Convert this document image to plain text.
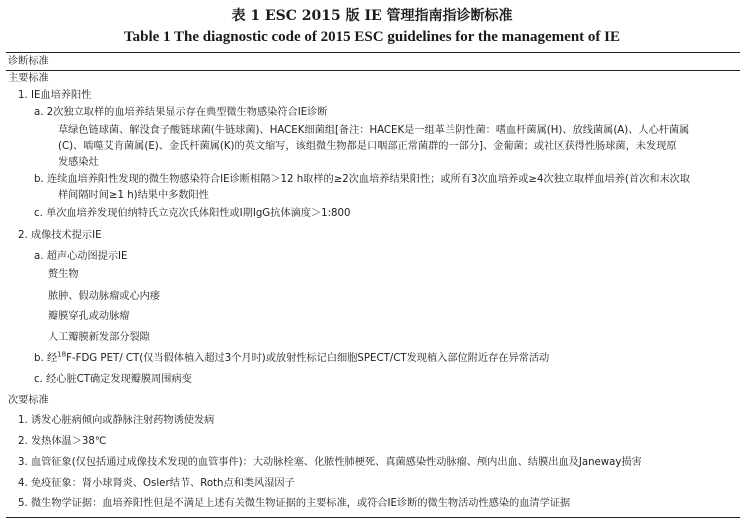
表 1 ESC 2015 版 IE 管理指南指诊断标准
Table 1 The diagnostic code of 2015 ESC guidelines for the management of IE
诊断标准
主要标准
1. IE血培养阳性
a. 2次独立取样的血培养结果显示存在典型微生物感染符合IE诊断
草绿色链球菌、解没食子酸链球菌(牛链球菌)、HACEK细菌组[备注：HACEK是一组革兰阴性菌：嗜血杆菌属(H)、放线菌属(A)、人心杆菌属
(C)、啮噬艾肯菌属(E)、金氏杆菌属(K)的英文缩写，该组微生物都是口咽部正常菌群的一部分]、金葡菌；或社区获得性肠球菌，未发现原
发感染灶
b. 连续血培养阳性发现的微生物感染符合IE诊断相隔＞12 h取样的≥2次血培养结果阳性；或所有3次血培养或≥4次独立取样血培养(首次和末次取
样间隔时间≥1 h)结果中多数阳性
c. 单次血培养发现伯纳特氏立克次氏体阳性或Ⅰ期IgG抗体滴度＞1:800
2. 成像技术提示IE
a. 超声心动图提示IE
赘生物
脓肿、假动脉瘤或心内瘘
瓣膜穿孔或动脉瘤
人工瓣膜新发部分裂隙
b. 经$^{18}$F-FDG PET/ CT(仅当假体植入超过3个月时)或放射性标记白细胞SPECT/CT发现植入部位附近存在异常活动
c. 经心脏CT确定发现瓣膜周围病变
次要标准
1. 诱发心脏病倾向或静脉注射药物诱使发病
2. 发热体温＞38℃
3. 血管征象(仅包括通过成像技术发现的血管事件)：大动脉栓塞、化脓性肺梗死、真菌感染性动脉瘤、颅内出血、结膜出血及Janeway损害
4. 免疫征象：肾小球肾炎、Osler结节、Roth点和类风湿因子
5. 微生物学证据：血培养阳性但是不满足上述有关微生物证据的主要标准，或符合IE诊断的微生物活动性感染的血清学证据
